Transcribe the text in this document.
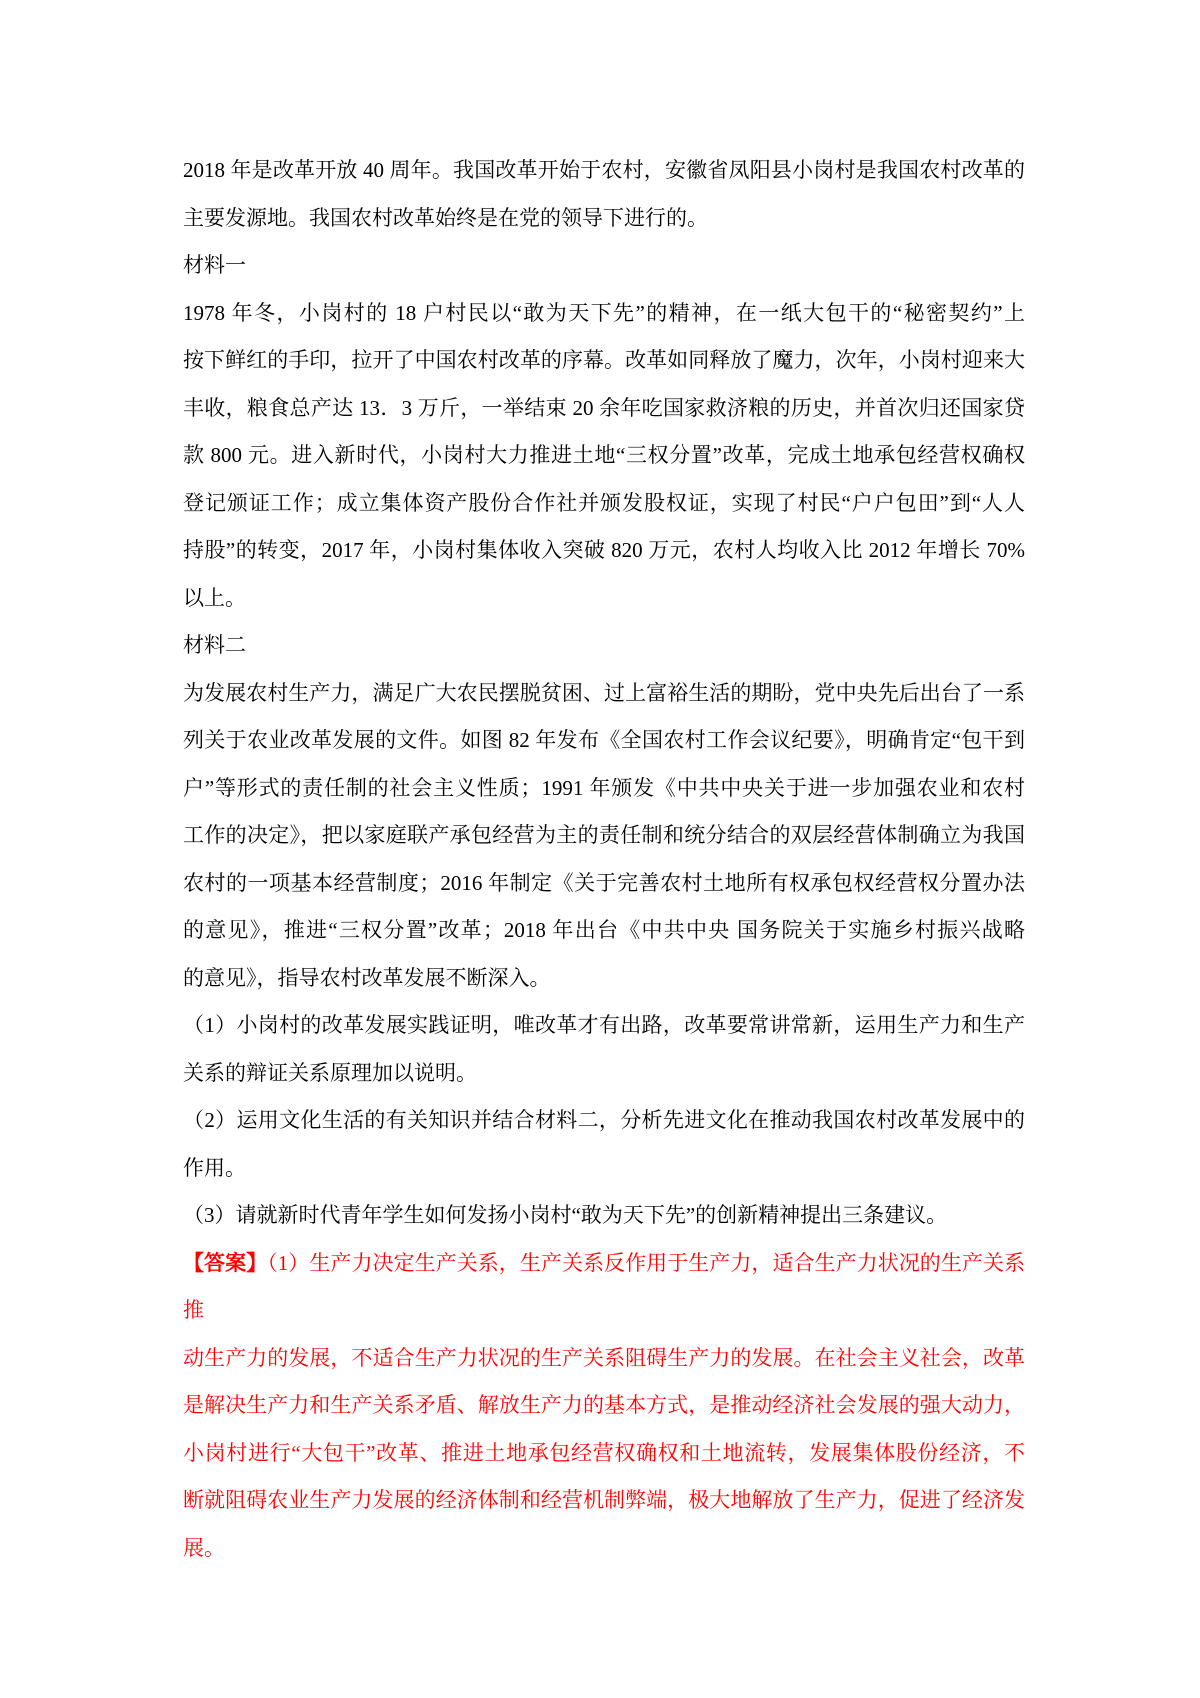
2018 年是改革开放 40 周年。我国改革开始于农村，安徽省凤阳县小岗村是我国农村改革的
主要发源地。我国农村改革始终是在党的领导下进行的。
材料一
1978 年冬，小岗村的 18 户村民以“敢为天下先”的精神，在一纸大包干的“秘密契约”上
按下鲜红的手印，拉开了中国农村改革的序幕。改革如同释放了魔力，次年，小岗村迎来大
丰收，粮食总产达 13．3 万斤，一举结束 20 余年吃国家救济粮的历史，并首次归还国家贷
款 800 元。进入新时代，小岗村大力推进土地“三权分置”改革，完成土地承包经营权确权
登记颁证工作；成立集体资产股份合作社并颁发股权证，实现了村民“户户包田”到“人人
持股”的转变，2017 年，小岗村集体收入突破 820 万元，农村人均收入比 2012 年增长 70%
以上。
材料二
为发展农村生产力，满足广大农民摆脱贫困、过上富裕生活的期盼，党中央先后出台了一系
列关于农业改革发展的文件。如图 82 年发布《全国农村工作会议纪要》，明确肯定“包干到
户”等形式的责任制的社会主义性质；1991 年颁发《中共中央关于进一步加强农业和农村
工作的决定》，把以家庭联产承包经营为主的责任制和统分结合的双层经营体制确立为我国
农村的一项基本经营制度；2016 年制定《关于完善农村土地所有权承包权经营权分置办法
的意见》，推进“三权分置”改革；2018 年出台《中共中央 国务院关于实施乡村振兴战略
的意见》，指导农村改革发展不断深入。
（1）小岗村的改革发展实践证明，唯改革才有出路，改革要常讲常新，运用生产力和生产
关系的辩证关系原理加以说明。
（2）运用文化生活的有关知识并结合材料二，分析先进文化在推动我国农村改革发展中的
作用。
（3）请就新时代青年学生如何发扬小岗村“敢为天下先”的创新精神提出三条建议。
【答案】（1）生产力决定生产关系，生产关系反作用于生产力，适合生产力状况的生产关系
推
动生产力的发展，不适合生产力状况的生产关系阻碍生产力的发展。在社会主义社会，改革
是解决生产力和生产关系矛盾、解放生产力的基本方式，是推动经济社会发展的强大动力，
小岗村进行“大包干”改革、推进土地承包经营权确权和土地流转，发展集体股份经济，不
断就阻碍农业生产力发展的经济体制和经营机制弊端，极大地解放了生产力，促进了经济发
展。
